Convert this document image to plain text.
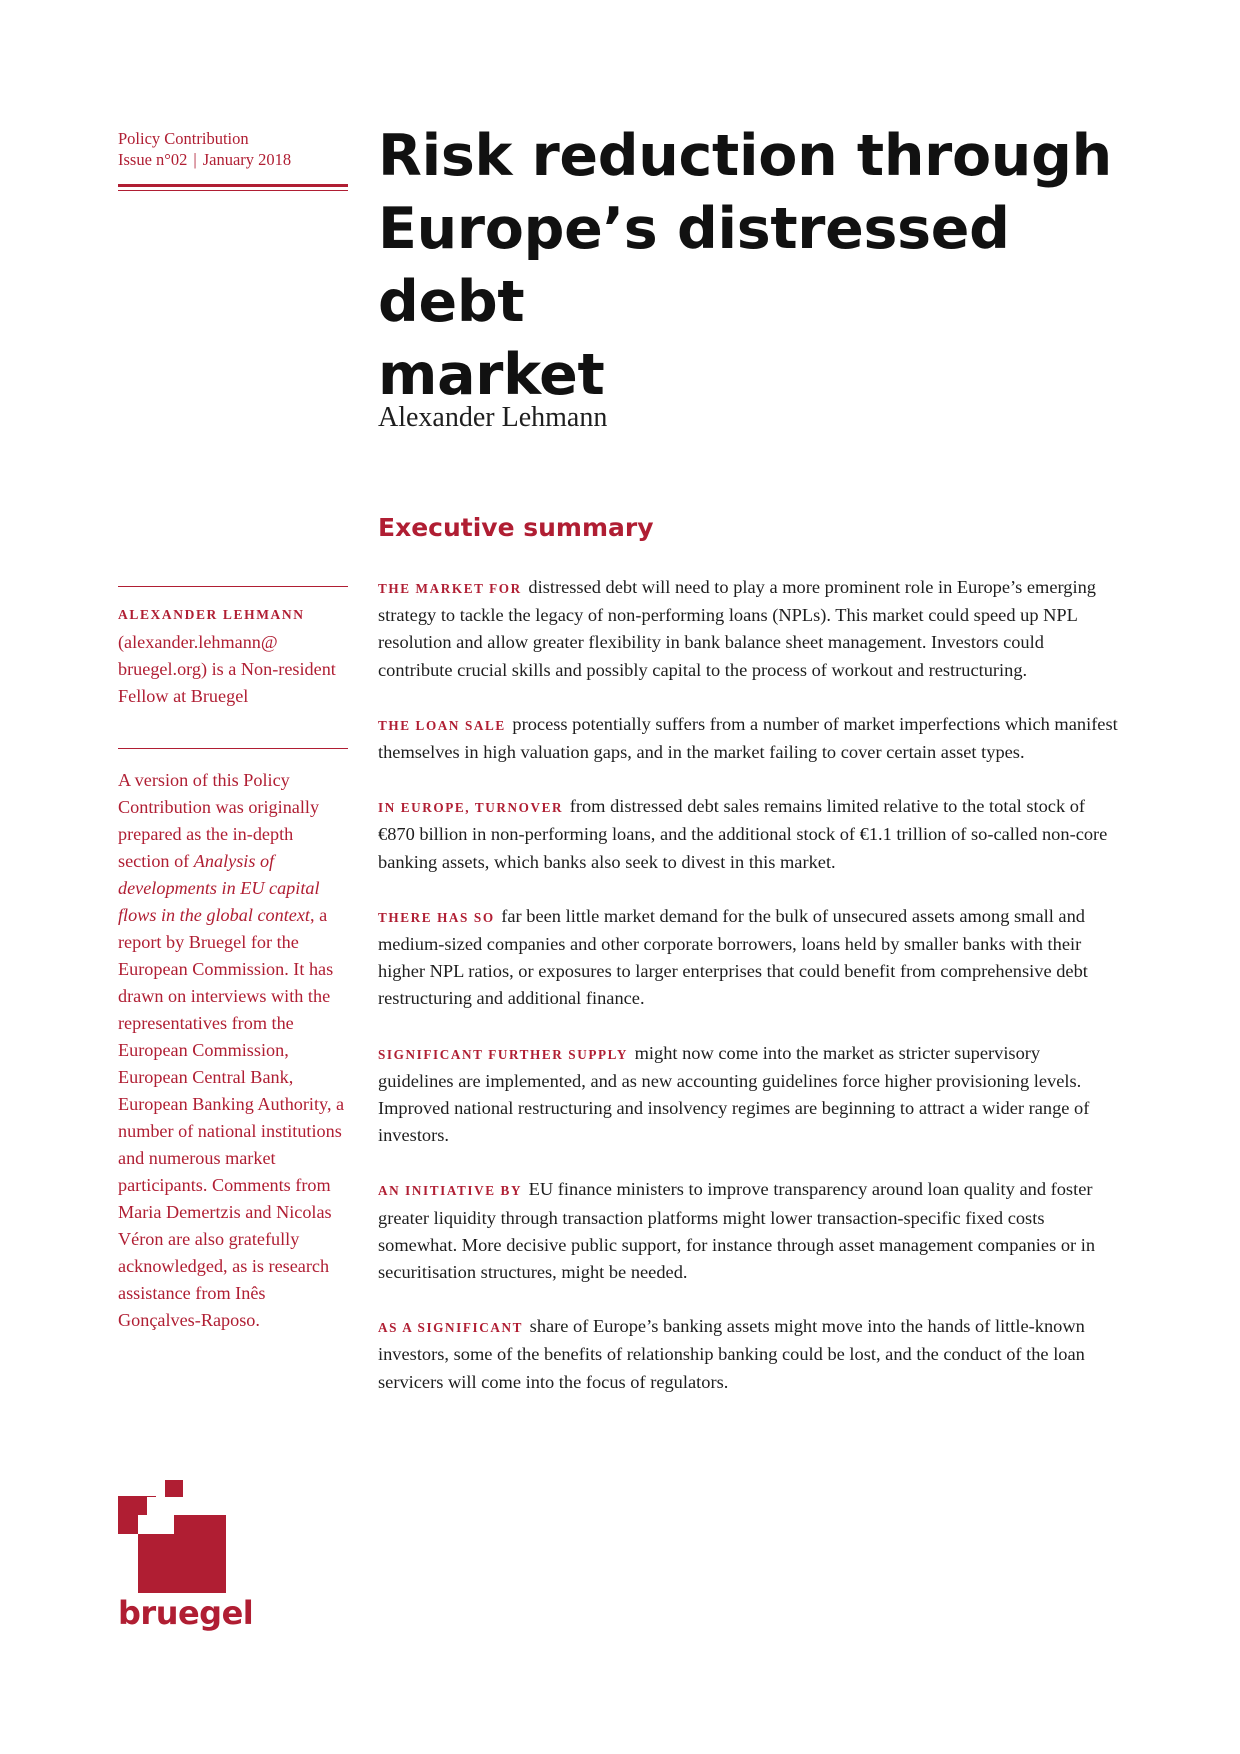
Policy Contribution
Issue n°02 | January 2018	Risk reduction through
Europe’s distressed debt
market
Alexander Lehmann
Executive summary

THE MARKET FOR distressed debt will need to play a more prominent role in Europe’s emerging strategy to tackle the legacy of non-performing loans (NPLs). This market could speed up NPL resolution and allow greater flexibility in bank balance sheet management. Investors could contribute crucial skills and possibly capital to the process of workout and restructuring.

THE LOAN SALE process potentially suffers from a number of market imperfections which manifest themselves in high valuation gaps, and in the market failing to cover certain asset types.

IN EUROPE, TURNOVER from distressed debt sales remains limited relative to the total stock of €870 billion in non-performing loans, and the additional stock of €1.1 trillion of so-called non-core banking assets, which banks also seek to divest in this market.

THERE HAS SO far been little market demand for the bulk of unsecured assets among small and medium-sized companies and other corporate borrowers, loans held by smaller banks with their higher NPL ratios, or exposures to larger enterprises that could benefit from comprehensive debt restructuring and additional finance.

SIGNIFICANT FURTHER SUPPLY might now come into the market as stricter supervisory guidelines are implemented, and as new accounting guidelines force higher provisioning levels. Improved national restructuring and insolvency regimes are beginning to attract a wider range of investors.

AN INITIATIVE BY EU finance ministers to improve transparency around loan quality and foster greater liquidity through transaction platforms might lower transaction-specific fixed costs somewhat. More decisive public support, for instance through asset management companies or in securitisation structures, might be needed.

AS A SIGNIFICANT share of Europe’s banking assets might move into the hands of little-known investors, some of the benefits of relationship banking could be lost, and the conduct of the loan servicers will come into the focus of regulators.

ALEXANDER LEHMANN
(alexander.lehmann@ bruegel.org) is a Non-resident Fellow at Bruegel
A version of this Policy Contribution was originally prepared as the in-depth section of Analysis of developments in EU capital flows in the global context, a report by Bruegel for the European Commission. It has drawn on interviews with the representatives from the European Commission, European Central Bank, European Banking Authority, a number of national institutions and numerous market participants. Comments from Maria Demertzis and Nicolas Véron are also gratefully acknowledged, as is research assistance from Inês Gonçalves-Raposo.
bruegel
